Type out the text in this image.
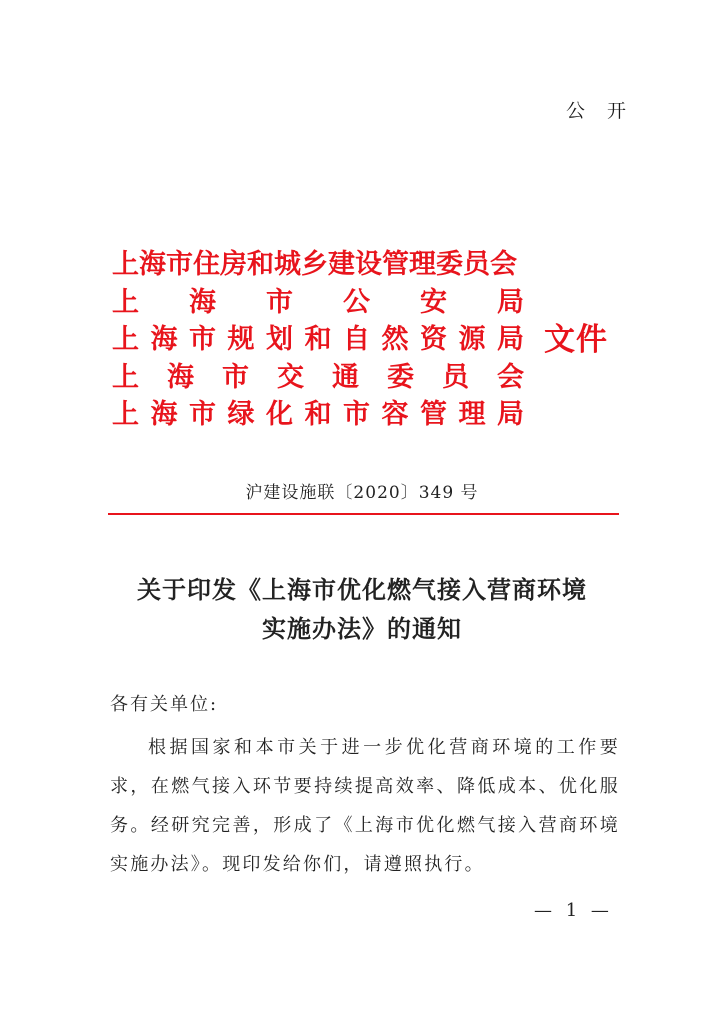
公 开
上海市住房和城乡建设管理委员会
上 海 市 公 安 局
上 海 市 规 划 和 自 然 资 源 局
上 海 市 交 通 委 员 会
上 海 市 绿 化 和 市 容 管 理 局
文件
沪建设施联〔2020〕349 号
关于印发《上海市优化燃气接入营商环境
实施办法》的通知
各有关单位:

根据国家和本市关于进一步优化营商环境的工作要求，在燃气接入环节要持续提高效率、降低成本、优化服务。经研究完善，形成了《上海市优化燃气接入营商环境实施办法》。现印发给你们，请遵照执行。

— 1 —
